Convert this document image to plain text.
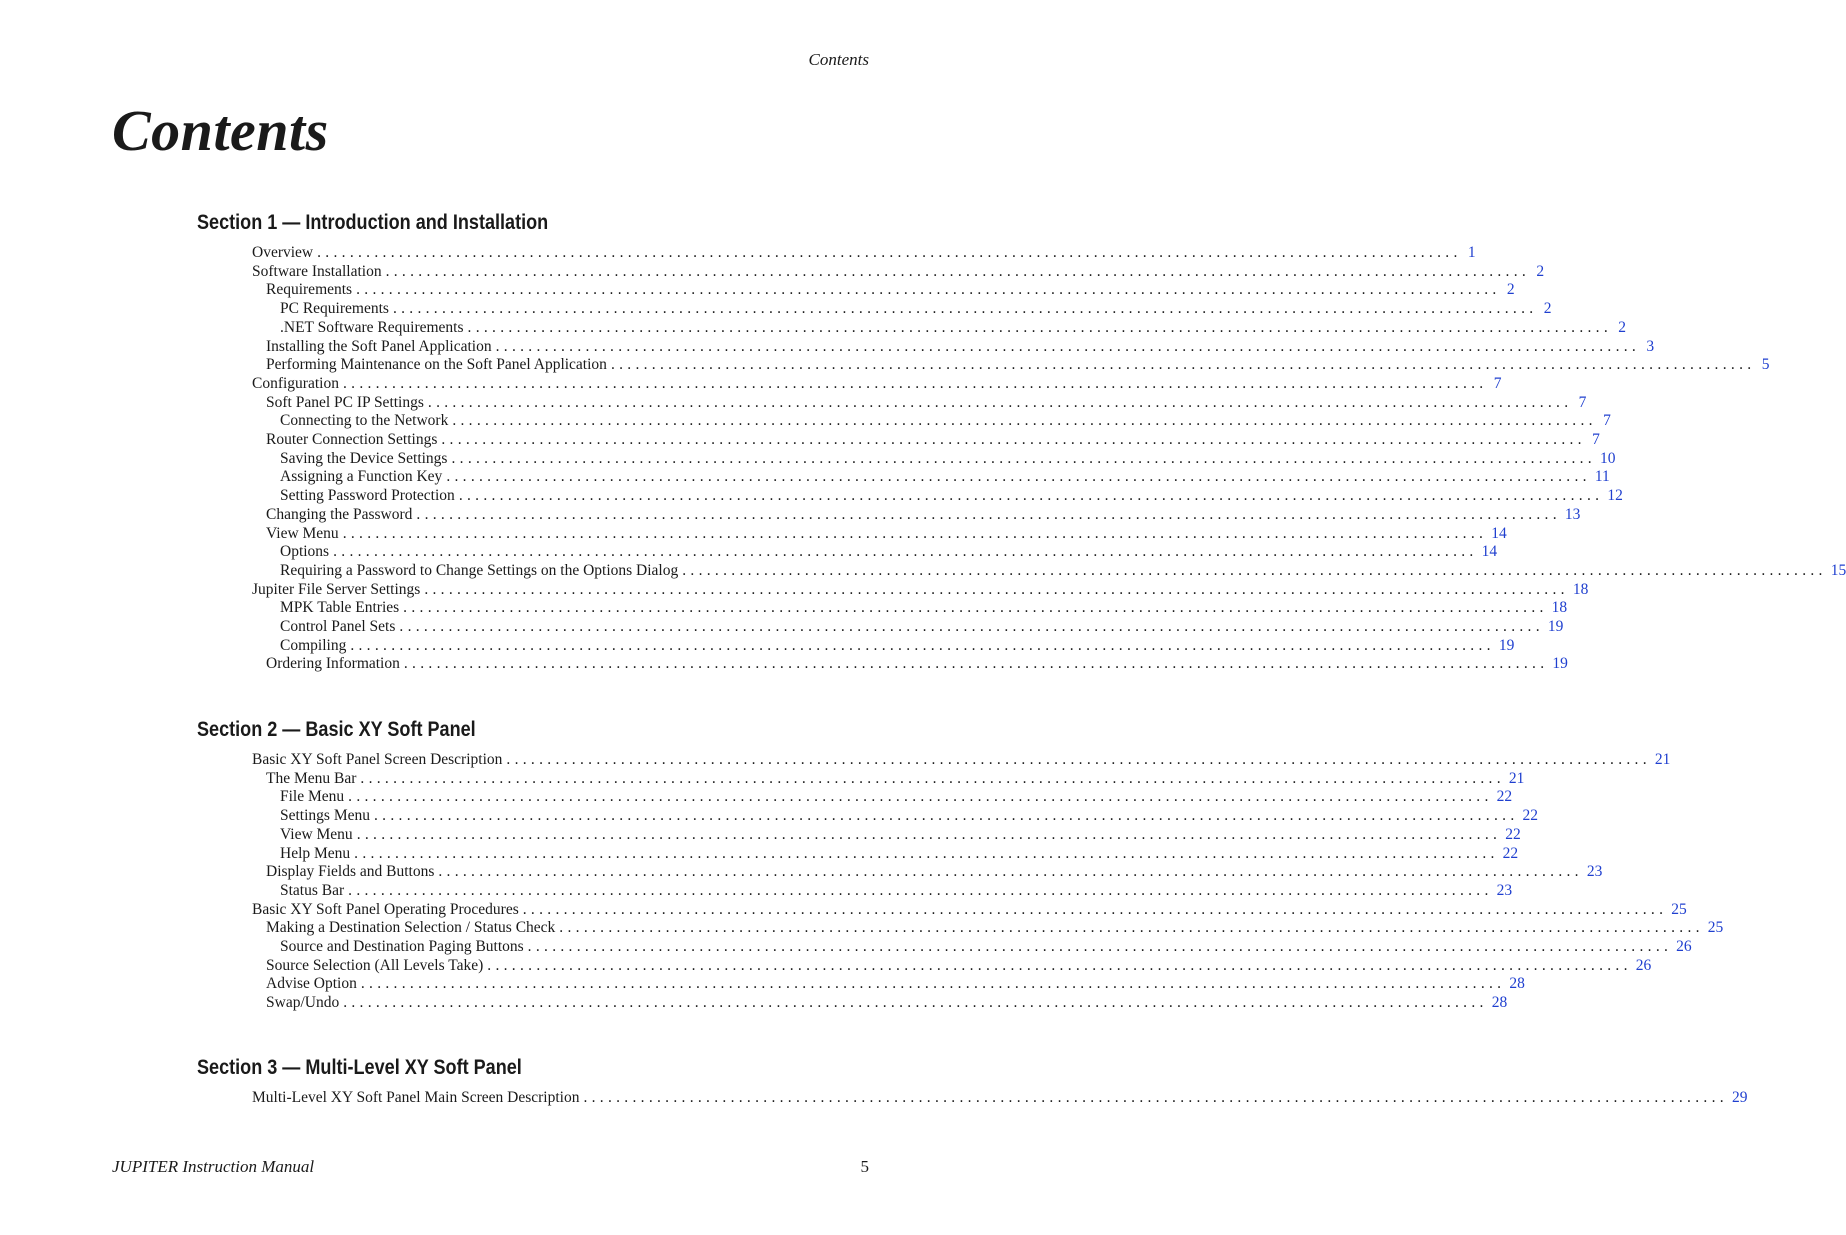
Contents
Contents
Section 1 — Introduction and Installation
Overview ............................................................................................................................................ 1
Software Installation ............................................................................................................................................ 2
Requirements ............................................................................................................................................ 2
PC Requirements ............................................................................................................................................ 2
.NET Software Requirements ............................................................................................................................................ 2
Installing the Soft Panel Application ............................................................................................................................................ 3
Performing Maintenance on the Soft Panel Application ............................................................................................................................................ 5
Configuration ............................................................................................................................................ 7
Soft Panel PC IP Settings ............................................................................................................................................ 7
Connecting to the Network ............................................................................................................................................ 7
Router Connection Settings ............................................................................................................................................ 7
Saving the Device Settings ............................................................................................................................................ 10
Assigning a Function Key ............................................................................................................................................ 11
Setting Password Protection ............................................................................................................................................ 12
Changing the Password ............................................................................................................................................ 13
View Menu ............................................................................................................................................ 14
Options ............................................................................................................................................ 14
Requiring a Password to Change Settings on the Options Dialog ............................................................................................................................................ 15
Jupiter File Server Settings ............................................................................................................................................ 18
MPK Table Entries ............................................................................................................................................ 18
Control Panel Sets ............................................................................................................................................ 19
Compiling ............................................................................................................................................ 19
Ordering Information ............................................................................................................................................ 19
Section 2 — Basic XY Soft Panel
Basic XY Soft Panel Screen Description ............................................................................................................................................ 21
The Menu Bar ............................................................................................................................................ 21
File Menu ............................................................................................................................................ 22
Settings Menu ............................................................................................................................................ 22
View Menu ............................................................................................................................................ 22
Help Menu ............................................................................................................................................ 22
Display Fields and Buttons ............................................................................................................................................ 23
Status Bar ............................................................................................................................................ 23
Basic XY Soft Panel Operating Procedures ............................................................................................................................................ 25
Making a Destination Selection / Status Check ............................................................................................................................................ 25
Source and Destination Paging Buttons ............................................................................................................................................ 26
Source Selection (All Levels Take) ............................................................................................................................................ 26
Advise Option ............................................................................................................................................ 28
Swap/Undo ............................................................................................................................................ 28
Section 3 — Multi-Level XY Soft Panel
Multi-Level XY Soft Panel Main Screen Description ............................................................................................................................................ 29
JUPITER Instruction Manual	5
